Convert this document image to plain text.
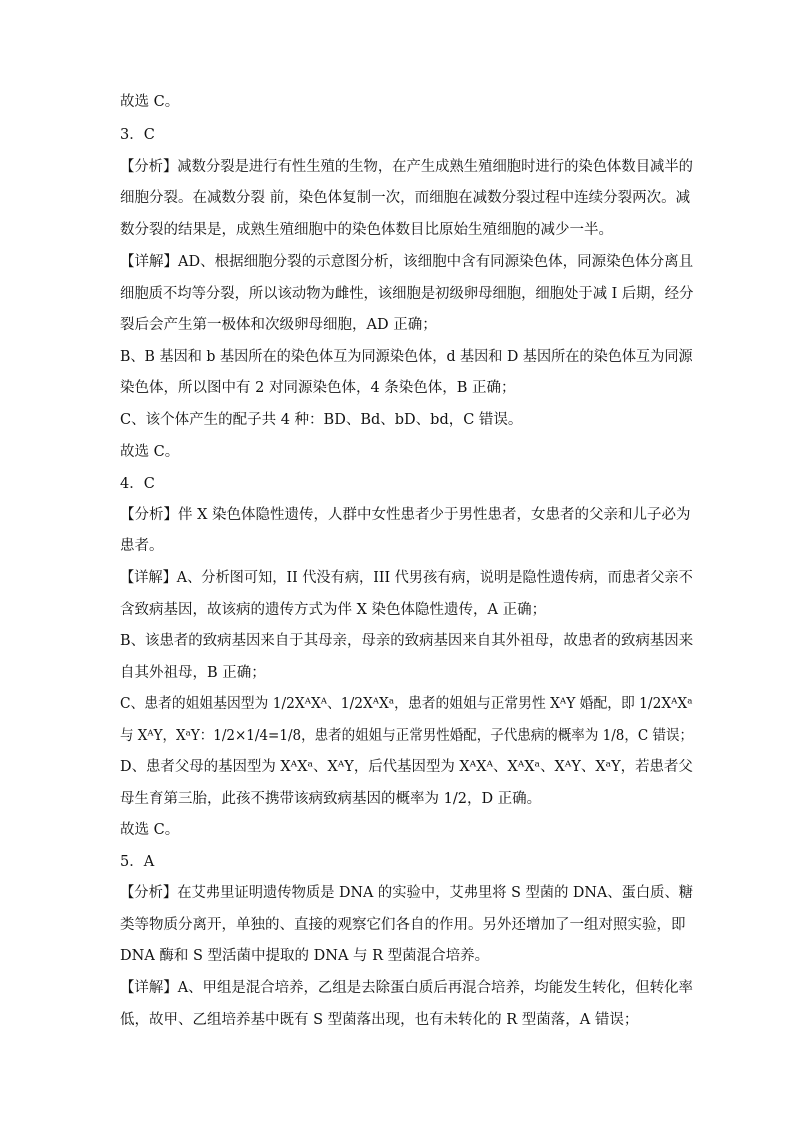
故选 C。
3．C
【分析】减数分裂是进行有性生殖的生物，在产生成熟生殖细胞时进行的染色体数目减半的
细胞分裂。在减数分裂 前，染色体复制一次，而细胞在减数分裂过程中连续分裂两次。减
数分裂的结果是，成熟生殖细胞中的染色体数目比原始生殖细胞的减少一半。
【详解】AD、根据细胞分裂的示意图分析，该细胞中含有同源染色体，同源染色体分离且
细胞质不均等分裂，所以该动物为雌性，该细胞是初级卵母细胞，细胞处于减 I 后期，经分
裂后会产生第一极体和次级卵母细胞，AD 正确；
B、B 基因和 b 基因所在的染色体互为同源染色体，d 基因和 D 基因所在的染色体互为同源
染色体，所以图中有 2 对同源染色体，4 条染色体，B 正确；
C、该个体产生的配子共 4 种：BD、Bd、bD、bd，C 错误。
故选 C。
4．C
【分析】伴 X 染色体隐性遗传，人群中女性患者少于男性患者，女患者的父亲和儿子必为
患者。
【详解】A、分析图可知，II 代没有病，III 代男孩有病，说明是隐性遗传病，而患者父亲不
含致病基因，故该病的遗传方式为伴 X 染色体隐性遗传，A 正确；
B、该患者的致病基因来自于其母亲，母亲的致病基因来自其外祖母，故患者的致病基因来
自其外祖母，B 正确；
C、患者的姐姐基因型为 1/2XᴬXᴬ、1/2XᴬXᵃ，患者的姐姐与正常男性 XᴬY 婚配，即 1/2XᴬXᵃ
与 XᴬY，XᵃY：1/2×1/4=1/8，患者的姐姐与正常男性婚配，子代患病的概率为 1/8，C 错误；
D、患者父母的基因型为 XᴬXᵃ、XᴬY，后代基因型为 XᴬXᴬ、XᴬXᵃ、XᴬY、XᵃY，若患者父
母生育第三胎，此孩不携带该病致病基因的概率为 1/2，D 正确。
故选 C。
5．A
【分析】在艾弗里证明遗传物质是 DNA 的实验中，艾弗里将 S 型菌的 DNA、蛋白质、糖
类等物质分离开，单独的、直接的观察它们各自的作用。另外还增加了一组对照实验，即
DNA 酶和 S 型活菌中提取的 DNA 与 R 型菌混合培养。
【详解】A、甲组是混合培养，乙组是去除蛋白质后再混合培养，均能发生转化，但转化率
低，故甲、乙组培养基中既有 S 型菌落出现，也有未转化的 R 型菌落，A 错误；
